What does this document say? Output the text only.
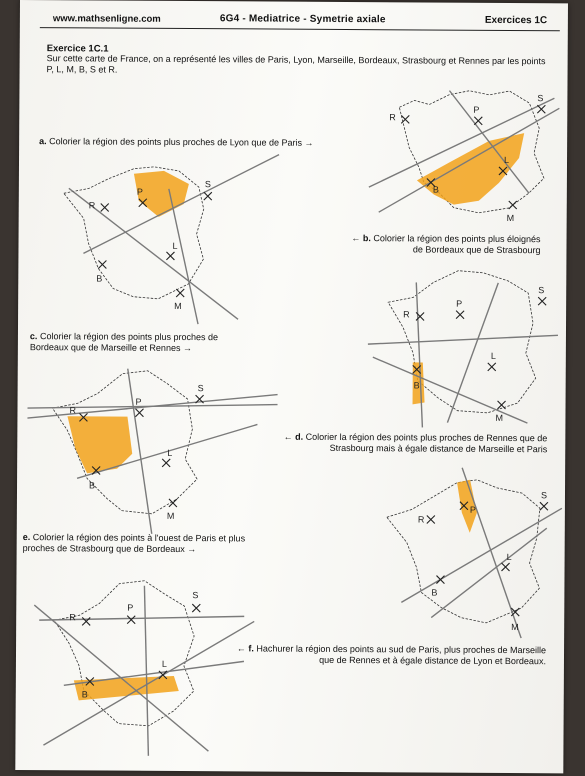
www.mathsenligne.com	6G4 - Mediatrice - Symetrie axiale	Exercices 1C
Exercice 1C.1
Sur cette carte de France, on a représenté les villes de Paris, Lyon, Marseille, Bordeaux, Strasbourg et Rennes par les points P, L, M, B, S et R.
a. Colorier la région des points plus proches de Lyon que de Paris →
← b. Colorier la région des points plus éloignés de Bordeaux que de Strasbourg
c. Colorier la région des points plus proches de Bordeaux que de Marseille et Rennes →
← d. Colorier la région des points plus proches de Rennes que de Strasbourg mais à égale distance de Marseille et Paris
e. Colorier la région des points à l'ouest de Paris et plus proches de Strasbourg que de Bordeaux →
← f. Hachurer la région des points au sud de Paris, plus proches de Marseille que de Rennes et à égale distance de Lyon et Bordeaux.
R
P
S
L
B
M
R
P
S
L
B
M
R
P
S
L
B
M
R
P
S
L
B
M	R
P
S
L
B
M
R
P
S
L
B
